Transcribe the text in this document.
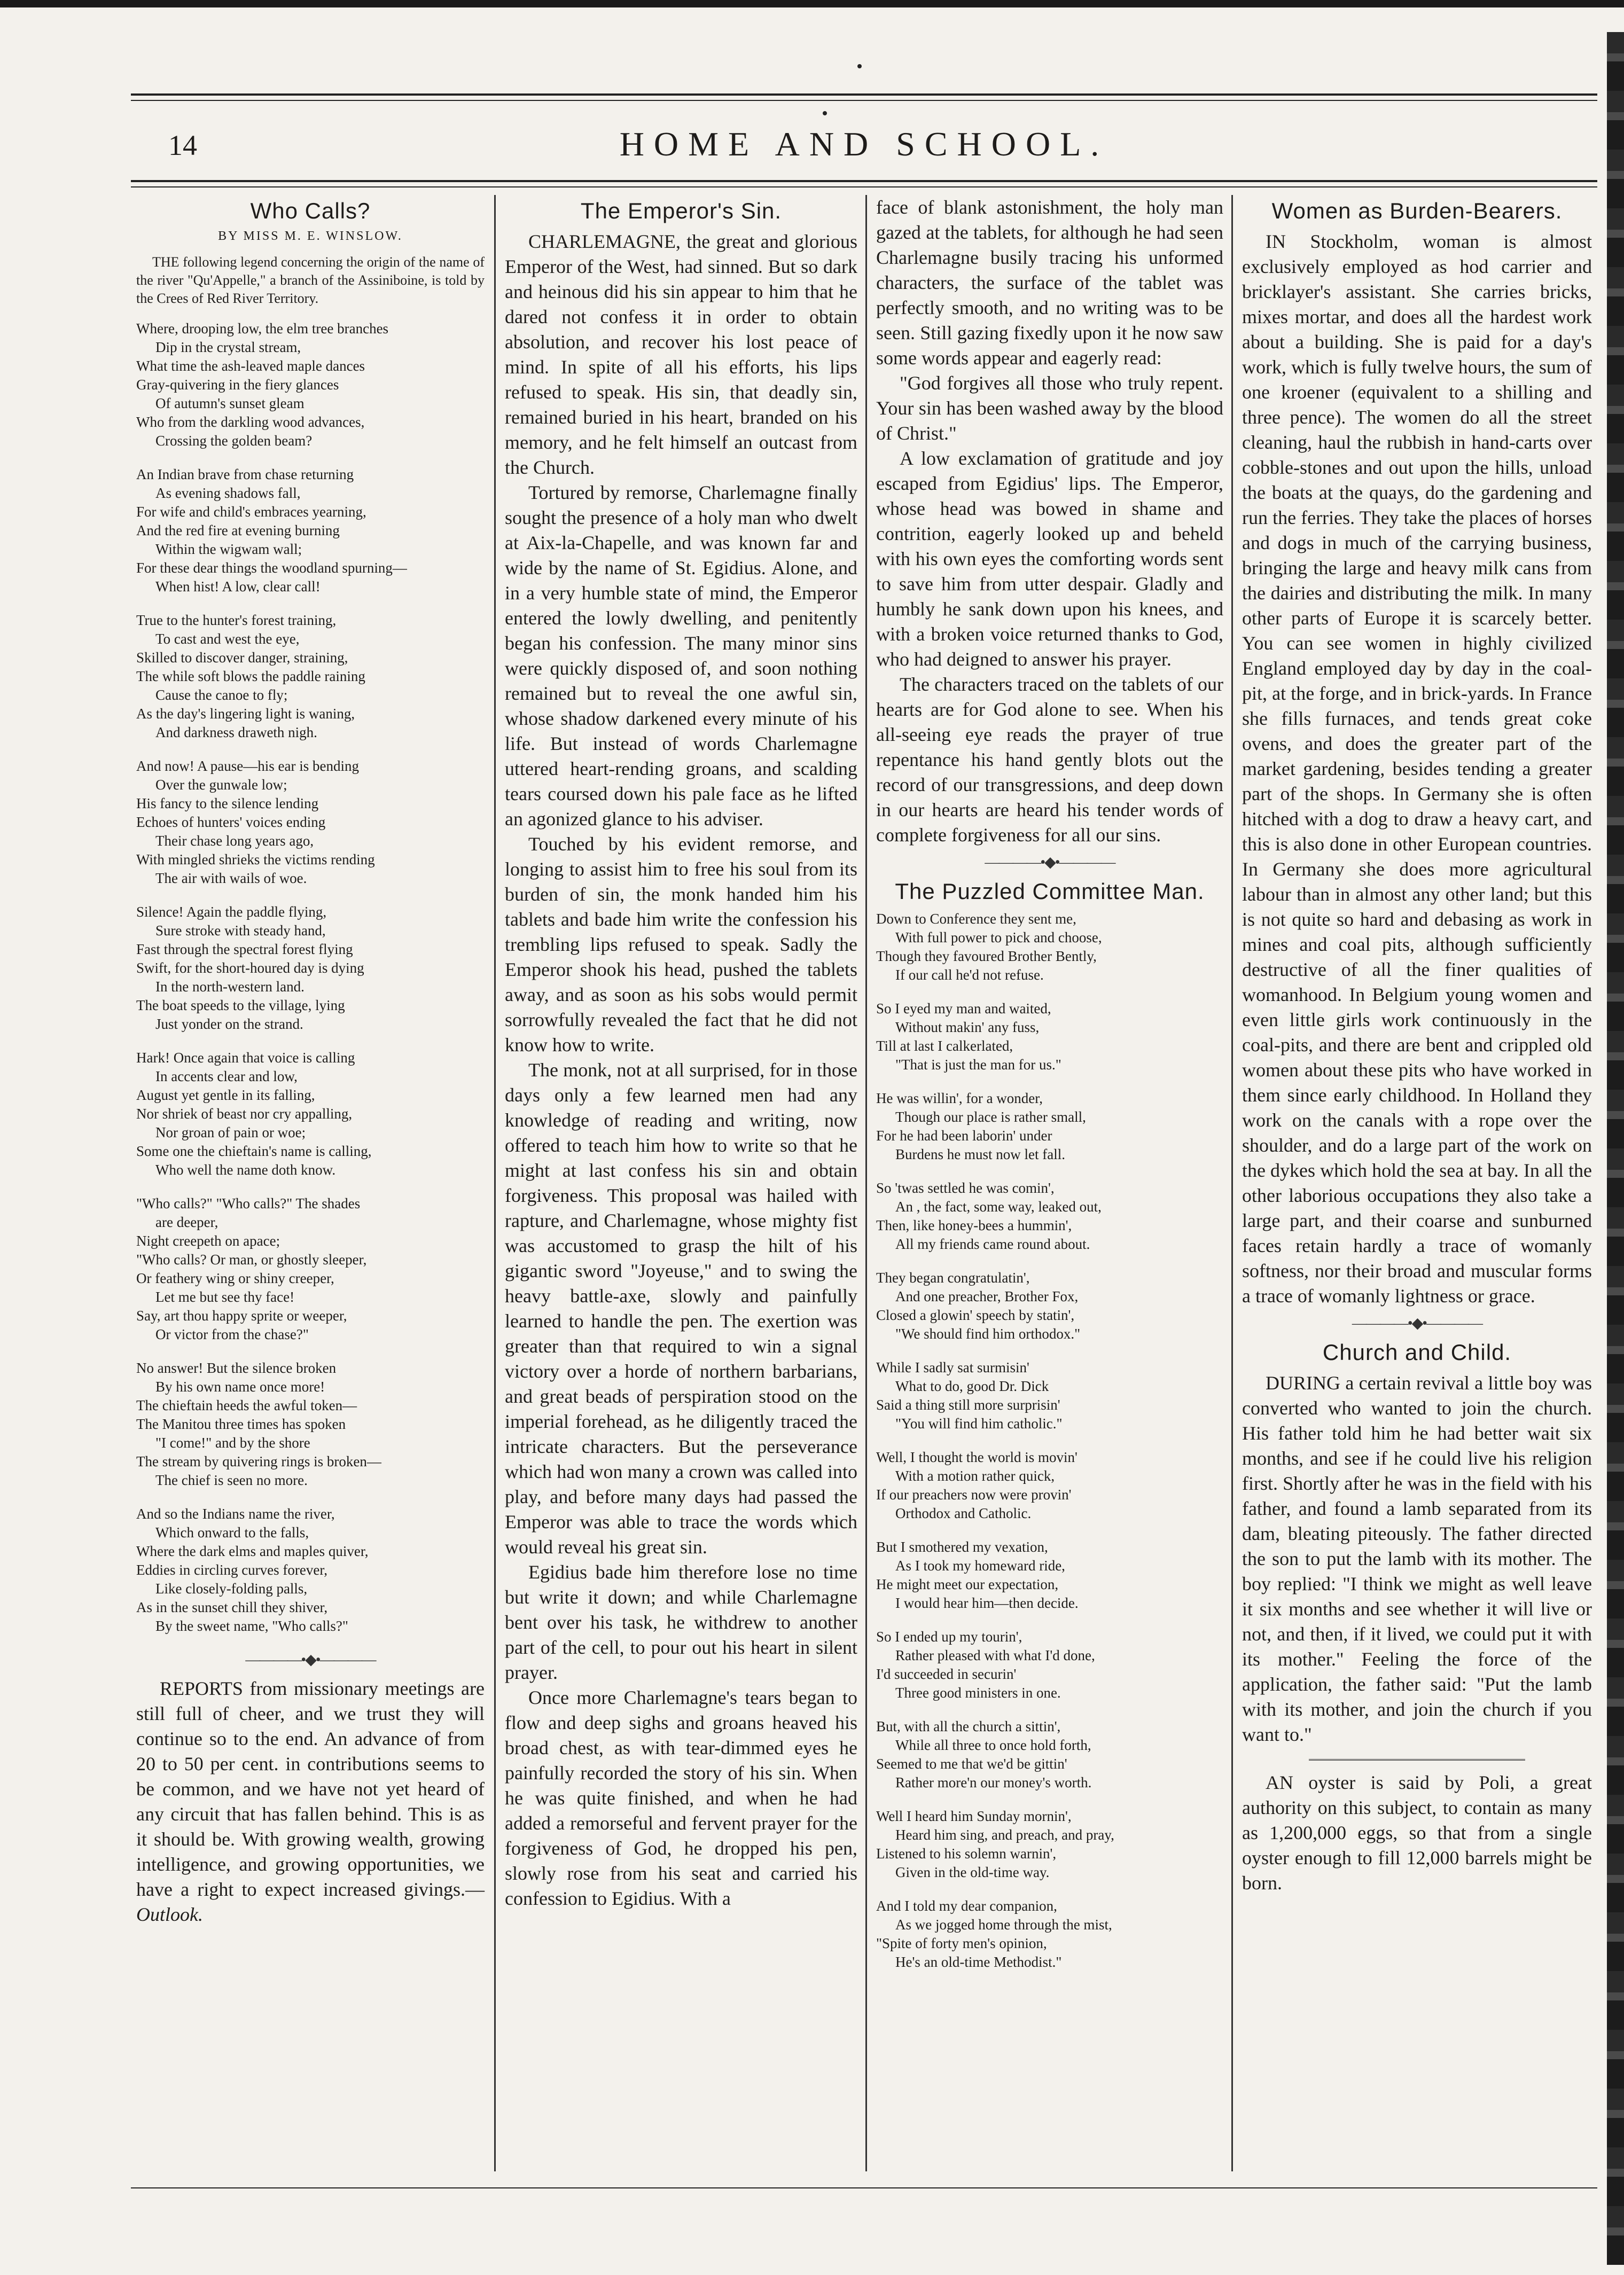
14	HOME AND SCHOOL.
Who Calls?
BY MISS M. E. WINSLOW.
THE following legend concerning the origin of the name of the river "Qu'Appelle," a branch of the Assiniboine, is told by the Crees of Red River Territory.
Where, drooping low, the elm tree branches
Dip in the crystal stream,
What time the ash-leaved maple dances
Gray-quivering in the fiery glances
Of autumn's sunset gleam
Who from the darkling wood advances,
Crossing the golden beam?
An Indian brave from chase returning
As evening shadows fall,
For wife and child's embraces yearning,
And the red fire at evening burning
Within the wigwam wall;
For these dear things the woodland spurning—
When hist! A low, clear call!
True to the hunter's forest training,
To cast and west the eye,
Skilled to discover danger, straining,
The while soft blows the paddle raining
Cause the canoe to fly;
As the day's lingering light is waning,
And darkness draweth nigh.
And now! A pause—his ear is bending
Over the gunwale low;
His fancy to the silence lending
Echoes of hunters' voices ending
Their chase long years ago,
With mingled shrieks the victims rending
The air with wails of woe.
Silence! Again the paddle flying,
Sure stroke with steady hand,
Fast through the spectral forest flying
Swift, for the short-houred day is dying
In the north-western land.
The boat speeds to the village, lying
Just yonder on the strand.
Hark! Once again that voice is calling
In accents clear and low,
August yet gentle in its falling,
Nor shriek of beast nor cry appalling,
Nor groan of pain or woe;
Some one the chieftain's name is calling,
Who well the name doth know.
"Who calls?" "Who calls?" The shades
are deeper,
Night creepeth on apace;
"Who calls? Or man, or ghostly sleeper,
Or feathery wing or shiny creeper,
Let me but see thy face!
Say, art thou happy sprite or weeper,
Or victor from the chase?"
No answer! But the silence broken
By his own name once more!
The chieftain heeds the awful token—
The Manitou three times has spoken
"I come!" and by the shore
The stream by quivering rings is broken—
The chief is seen no more.
And so the Indians name the river,
Which onward to the falls,
Where the dark elms and maples quiver,
Eddies in circling curves forever,
Like closely-folding palls,
As in the sunset chill they shiver,
By the sweet name, "Who calls?"
————•◆•————

REPORTS from missionary meetings are still full of cheer, and we trust they will continue so to the end. An advance of from 20 to 50 per cent. in contributions seems to be common, and we have not yet heard of any circuit that has fallen behind. This is as it should be. With growing wealth, growing intelligence, and growing opportunities, we have a right to expect increased givings.—Outlook.

The Emperor's Sin.

CHARLEMAGNE, the great and glorious Emperor of the West, had sinned. But so dark and heinous did his sin appear to him that he dared not confess it in order to obtain absolution, and recover his lost peace of mind. In spite of all his efforts, his lips refused to speak. His sin, that deadly sin, remained buried in his heart, branded on his memory, and he felt himself an outcast from the Church.

Tortured by remorse, Charlemagne finally sought the presence of a holy man who dwelt at Aix-la-Chapelle, and was known far and wide by the name of St. Egidius. Alone, and in a very humble state of mind, the Emperor entered the lowly dwelling, and penitently began his confession. The many minor sins were quickly disposed of, and soon nothing remained but to reveal the one awful sin, whose shadow darkened every minute of his life. But instead of words Charlemagne uttered heart-rending groans, and scalding tears coursed down his pale face as he lifted an agonized glance to his adviser.

Touched by his evident remorse, and longing to assist him to free his soul from its burden of sin, the monk handed him his tablets and bade him write the confession his trembling lips refused to speak. Sadly the Emperor shook his head, pushed the tablets away, and as soon as his sobs would permit sorrowfully revealed the fact that he did not know how to write.

The monk, not at all surprised, for in those days only a few learned men had any knowledge of reading and writing, now offered to teach him how to write so that he might at last confess his sin and obtain forgiveness. This proposal was hailed with rapture, and Charlemagne, whose mighty fist was accustomed to grasp the hilt of his gigantic sword "Joyeuse," and to swing the heavy battle-axe, slowly and painfully learned to handle the pen. The exertion was greater than that required to win a signal victory over a horde of northern barbarians, and great beads of perspiration stood on the imperial forehead, as he diligently traced the intricate characters. But the perseverance which had won many a crown was called into play, and before many days had passed the Emperor was able to trace the words which would reveal his great sin.

Egidius bade him therefore lose no time but write it down; and while Charlemagne bent over his task, he withdrew to another part of the cell, to pour out his heart in silent prayer.

Once more Charlemagne's tears began to flow and deep sighs and groans heaved his broad chest, as with tear-dimmed eyes he painfully recorded the story of his sin. When he was quite finished, and when he had added a remorseful and fervent prayer for the forgiveness of God, he dropped his pen, slowly rose from his seat and carried his confession to Egidius. With a

face of blank astonishment, the holy man gazed at the tablets, for although he had seen Charlemagne busily tracing his unformed characters, the surface of the tablet was perfectly smooth, and no writing was to be seen. Still gazing fixedly upon it he now saw some words appear and eagerly read:

"God forgives all those who truly repent. Your sin has been washed away by the blood of Christ."

A low exclamation of gratitude and joy escaped from Egidius' lips. The Emperor, whose head was bowed in shame and contrition, eagerly looked up and beheld with his own eyes the comforting words sent to save him from utter despair. Gladly and humbly he sank down upon his knees, and with a broken voice returned thanks to God, who had deigned to answer his prayer.

The characters traced on the tablets of our hearts are for God alone to see. When his all-seeing eye reads the prayer of true repentance his hand gently blots out the record of our transgressions, and deep down in our hearts are heard his tender words of complete forgiveness for all our sins.

————•◆•————
The Puzzled Committee Man.
Down to Conference they sent me,
With full power to pick and choose,
Though they favoured Brother Bently,
If our call he'd not refuse.
So I eyed my man and waited,
Without makin' any fuss,
Till at last I calkerlated,
"That is just the man for us."
He was willin', for a wonder,
Though our place is rather small,
For he had been laborin' under
Burdens he must now let fall.
So 'twas settled he was comin',
An , the fact, some way, leaked out,
Then, like honey-bees a hummin',
All my friends came round about.
They began congratulatin',
And one preacher, Brother Fox,
Closed a glowin' speech by statin',
"We should find him orthodox."
While I sadly sat surmisin'
What to do, good Dr. Dick
Said a thing still more surprisin'
"You will find him catholic."
Well, I thought the world is movin'
With a motion rather quick,
If our preachers now were provin'
Orthodox and Catholic.
But I smothered my vexation,
As I took my homeward ride,
He might meet our expectation,
I would hear him—then decide.
So I ended up my tourin',
Rather pleased with what I'd done,
I'd succeeded in securin'
Three good ministers in one.
But, with all the church a sittin',
While all three to once hold forth,
Seemed to me that we'd be gittin'
Rather more'n our money's worth.
Well I heard him Sunday mornin',
Heard him sing, and preach, and pray,
Listened to his solemn warnin',
Given in the old-time way.
And I told my dear companion,
As we jogged home through the mist,
"Spite of forty men's opinion,
He's an old-time Methodist."
Women as Burden-Bearers.

IN Stockholm, woman is almost exclusively employed as hod carrier and bricklayer's assistant. She carries bricks, mixes mortar, and does all the hardest work about a building. She is paid for a day's work, which is fully twelve hours, the sum of one kroener (equivalent to a shilling and three pence). The women do all the street cleaning, haul the rubbish in hand-carts over cobble-stones and out upon the hills, unload the boats at the quays, do the gardening and run the ferries. They take the places of horses and dogs in much of the carrying business, bringing the large and heavy milk cans from the dairies and distributing the milk. In many other parts of Europe it is scarcely better. You can see women in highly civilized England employed day by day in the coal-pit, at the forge, and in brick-yards. In France she fills furnaces, and tends great coke ovens, and does the greater part of the market gardening, besides tending a greater part of the shops. In Germany she is often hitched with a dog to draw a heavy cart, and this is also done in other European countries. In Germany she does more agricultural labour than in almost any other land; but this is not quite so hard and debasing as work in mines and coal pits, although sufficiently destructive of all the finer qualities of womanhood. In Belgium young women and even little girls work continuously in the coal-pits, and there are bent and crippled old women about these pits who have worked in them since early childhood. In Holland they work on the canals with a rope over the shoulder, and do a large part of the work on the dykes which hold the sea at bay. In all the other laborious occupations they also take a large part, and their coarse and sunburned faces retain hardly a trace of womanly softness, nor their broad and muscular forms a trace of womanly lightness or grace.

————•◆•————
Church and Child.

DURING a certain revival a little boy was converted who wanted to join the church. His father told him he had better wait six months, and see if he could live his religion first. Shortly after he was in the field with his father, and found a lamb separated from its dam, bleating piteously. The father directed the son to put the lamb with its mother. The boy replied: "I think we might as well leave it six months and see whether it will live or not, and then, if it lived, we could put it with its mother." Feeling the force of the application, the father said: "Put the lamb with its mother, and join the church if you want to."

AN oyster is said by Poli, a great authority on this subject, to contain as many as 1,200,000 eggs, so that from a single oyster enough to fill 12,000 barrels might be born.
